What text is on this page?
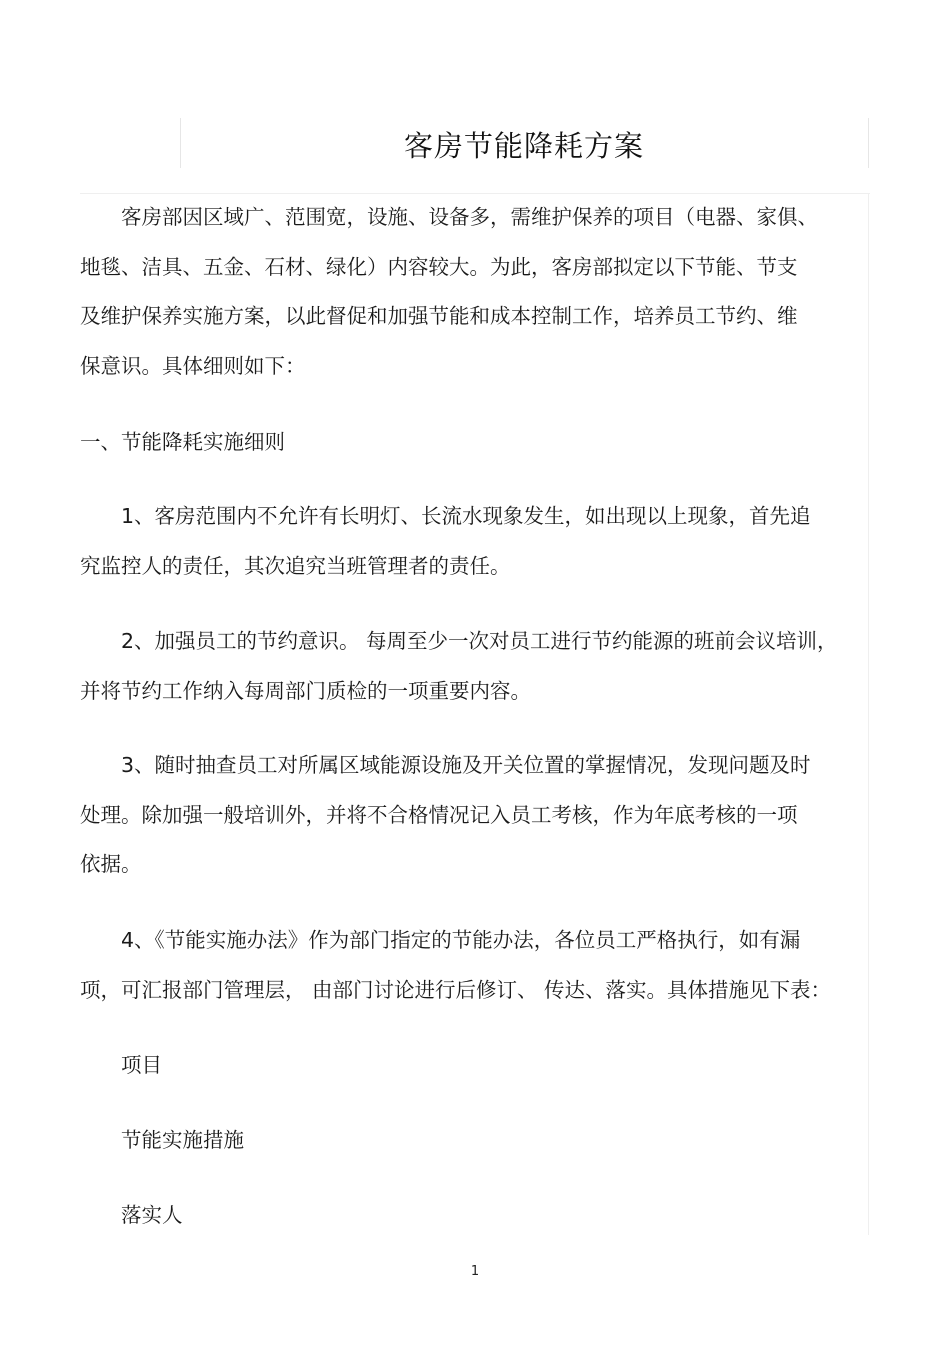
客房节能降耗方案

客房部因区域广、范围宽，设施、设备多，需维护保养的项目（电器、家俱、
地毯、洁具、五金、石材、绿化）内容较大。为此，客房部拟定以下节能、节支
及维护保养实施方案，以此督促和加强节能和成本控制工作，培养员工节约、维
保意识。具体细则如下：

一、节能降耗实施细则

1、客房范围内不允许有长明灯、长流水现象发生，如出现以上现象，首先追
究监控人的责任，其次追究当班管理者的责任。

2、加强员工的节约意识。 每周至少一次对员工进行节约能源的班前会议培训，
并将节约工作纳入每周部门质检的一项重要内容。

3、随时抽查员工对所属区域能源设施及开关位置的掌握情况，发现问题及时
处理。除加强一般培训外，并将不合格情况记入员工考核，作为年底考核的一项
依据。

4、《节能实施办法》作为部门指定的节能办法，各位员工严格执行，如有漏
项，可汇报部门管理层， 由部门讨论进行后修订、 传达、落实。具体措施见下表：

项目

节能实施措施

落实人

1
